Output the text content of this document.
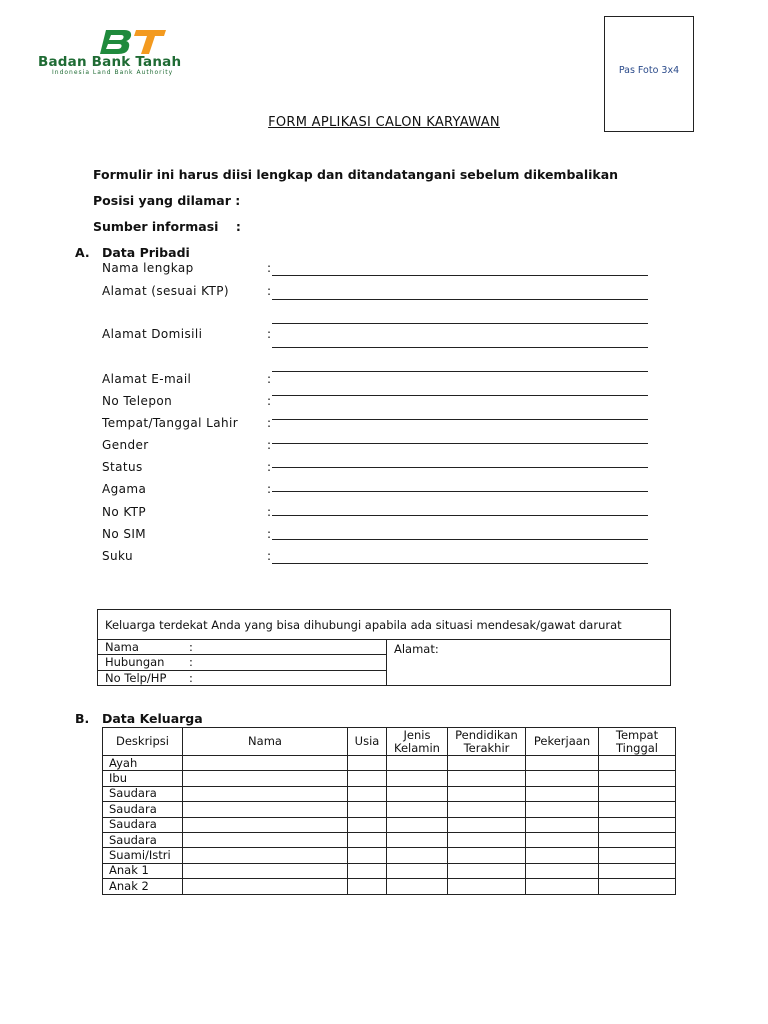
Badan Bank Tanah
Indonesia Land Bank Authority	Pas Foto 3x4
FORM APLIKASI CALON KARYAWAN
Formulir ini harus diisi lengkap dan ditandatangani sebelum dikembalikan
Posisi yang dilamar :
Sumber informasi    :
A. Data Pribadi
Nama lengkap	:
Alamat (sesuai KTP)	:
Alamat Domisili	:
Alamat E-mail	:
No Telepon	:
Tempat/Tanggal Lahir :
Gender	:
Status	:
Agama	:
No KTP	:
No SIM	:
Suku	:
Keluarga terdekat Anda yang bisa dihubungi apabila ada situasi mendesak/gawat darurat
Nama	:
Hubungan :
No Telp/HP :
Alamat:
B. Data Keluarga
Deskripsi	Nama	Usia	Jenis Kelamin	Pendidikan Terakhir	Pekerjaan	Tempat Tinggal
Ayah						
Ibu						
Saudara						
Saudara						
Saudara						
Saudara						
Suami/Istri						
Anak 1						
Anak 2						
